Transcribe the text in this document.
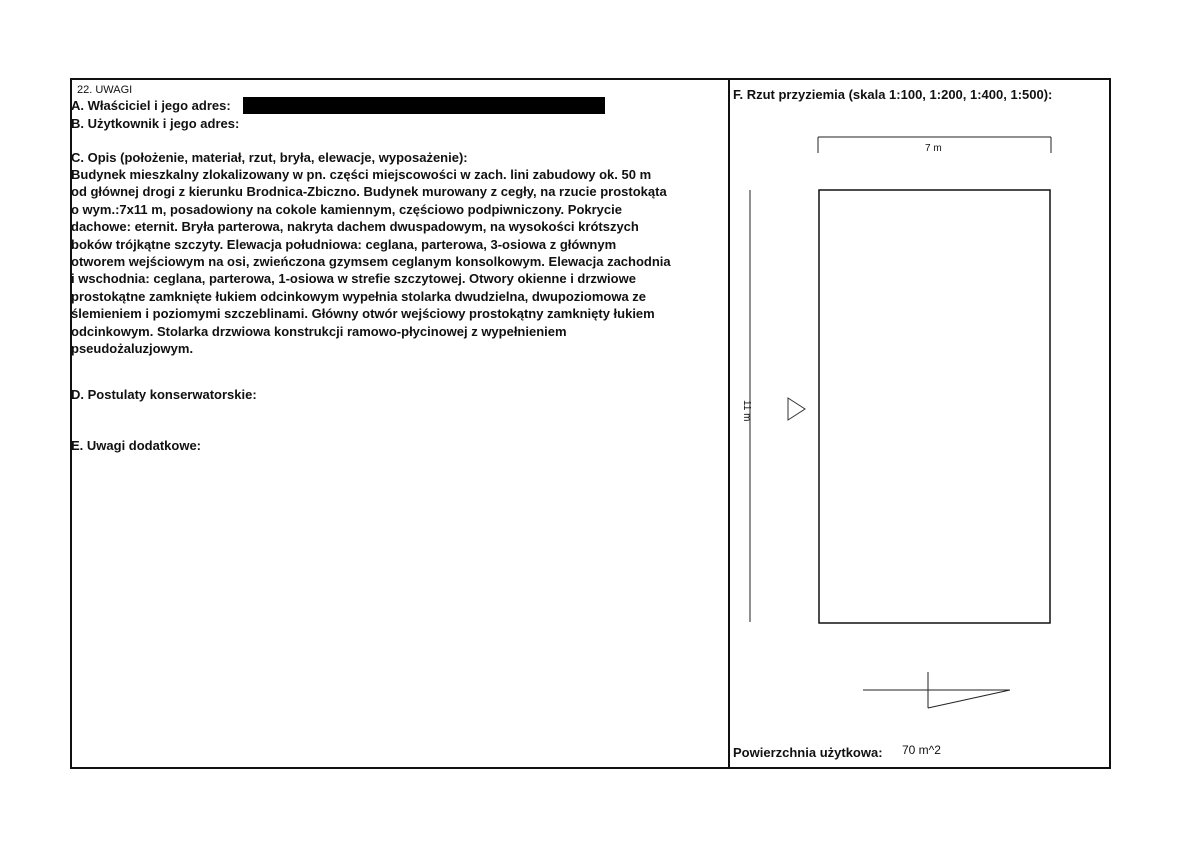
22. UWAGI
A. Właściciel i jego adres:
B. Użytkownik i jego adres:
C. Opis (położenie, materiał, rzut, bryła, elewacje, wyposażenie):
Budynek mieszkalny zlokalizowany w pn. części miejscowości w zach. lini zabudowy ok. 50 m
od głównej drogi z kierunku Brodnica-Zbiczno. Budynek murowany z cegły, na rzucie prostokąta
o wym.:7x11 m, posadowiony na cokole kamiennym, częściowo podpiwniczony. Pokrycie
dachowe: eternit. Bryła parterowa, nakryta dachem dwuspadowym, na wysokości krótszych
boków trójkątne szczyty. Elewacja południowa: ceglana, parterowa, 3-osiowa z głównym
otworem wejściowym na osi, zwieńczona gzymsem ceglanym konsolkowym. Elewacja zachodnia
i wschodnia: ceglana, parterowa, 1-osiowa w strefie szczytowej. Otwory okienne i drzwiowe
prostokątne zamknięte łukiem odcinkowym wypełnia stolarka dwudzielna, dwupoziomowa ze
ślemieniem i poziomymi szczeblinami. Główny otwór wejściowy prostokątny zamknięty łukiem
odcinkowym. Stolarka drzwiowa konstrukcji ramowo-płycinowej z wypełnieniem
pseudożaluzjowym.
D. Postulaty konserwatorskie:
E. Uwagi dodatkowe:
F. Rzut przyziemia (skala 1:100, 1:200, 1:400, 1:500):
7 m
11 m
Powierzchnia użytkowa: 70 m^2
